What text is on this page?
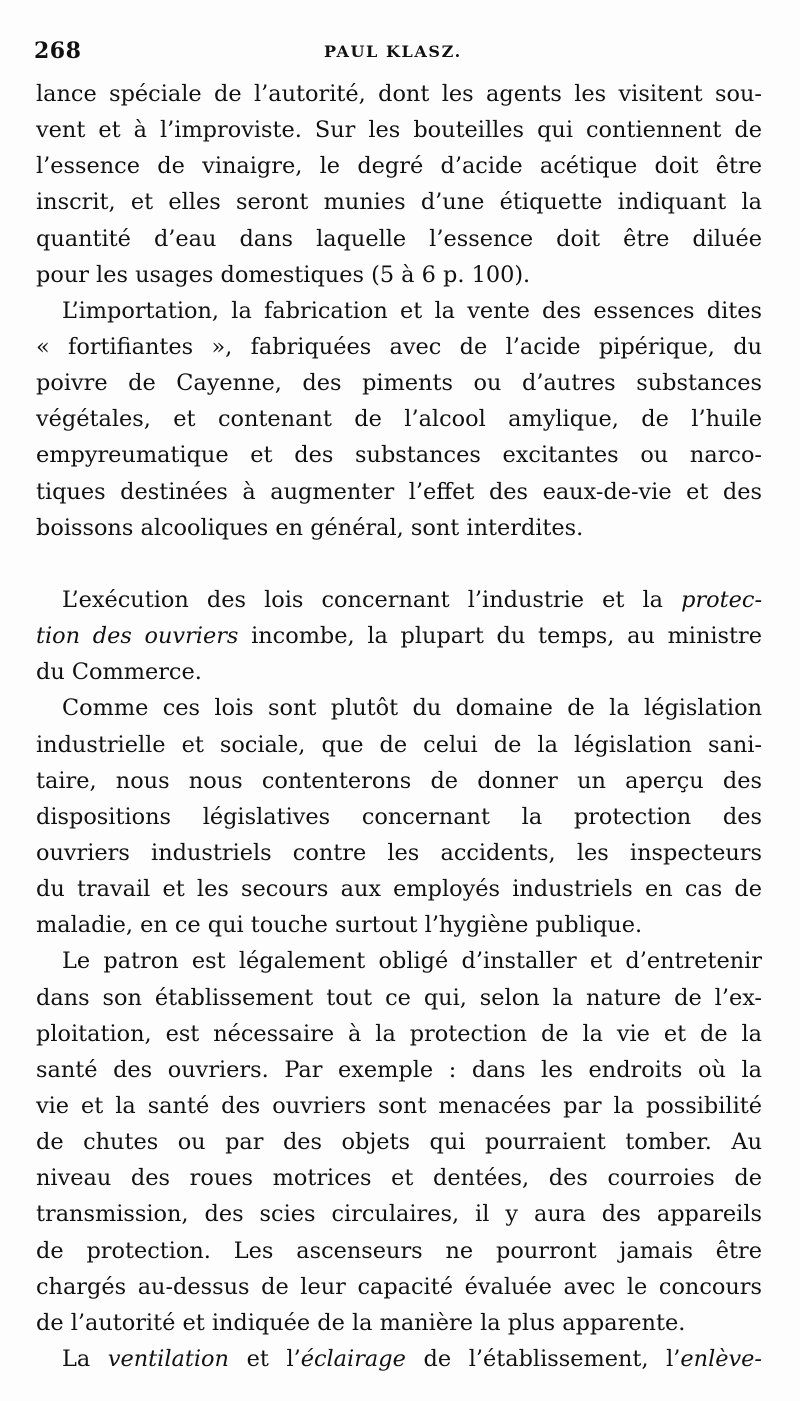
268	PAUL KLASZ.
lance spéciale de l’autorité, dont les agents les visitent sou-
vent et à l’improviste. Sur les bouteilles qui contiennent de
l’essence de vinaigre, le degré d’acide acétique doit être
inscrit, et elles seront munies d’une étiquette indiquant la
quantité d’eau dans laquelle l’essence doit être diluée
pour les usages domestiques (5 à 6 p. 100).
L’importation, la fabrication et la vente des essences dites
« fortifiantes », fabriquées avec de l’acide pipérique, du
poivre de Cayenne, des piments ou d’autres substances
végétales, et contenant de l’alcool amylique, de l’huile
empyreumatique et des substances excitantes ou narco-
tiques destinées à augmenter l’effet des eaux-de-vie et des
boissons alcooliques en général, sont interdites.
L’exécution des lois concernant l’industrie et la protec-
tion des ouvriers incombe, la plupart du temps, au ministre
du Commerce.
Comme ces lois sont plutôt du domaine de la législation
industrielle et sociale, que de celui de la législation sani-
taire, nous nous contenterons de donner un aperçu des
dispositions législatives concernant la protection des
ouvriers industriels contre les accidents, les inspecteurs
du travail et les secours aux employés industriels en cas de
maladie, en ce qui touche surtout l’hygiène publique.
Le patron est légalement obligé d’installer et d’entretenir
dans son établissement tout ce qui, selon la nature de l’ex-
ploitation, est nécessaire à la protection de la vie et de la
santé des ouvriers. Par exemple : dans les endroits où la
vie et la santé des ouvriers sont menacées par la possibilité
de chutes ou par des objets qui pourraient tomber. Au
niveau des roues motrices et dentées, des courroies de
transmission, des scies circulaires, il y aura des appareils
de protection. Les ascenseurs ne pourront jamais être
chargés au-dessus de leur capacité évaluée avec le concours
de l’autorité et indiquée de la manière la plus apparente.
La ventilation et l’éclairage de l’établissement, l’enlève-
